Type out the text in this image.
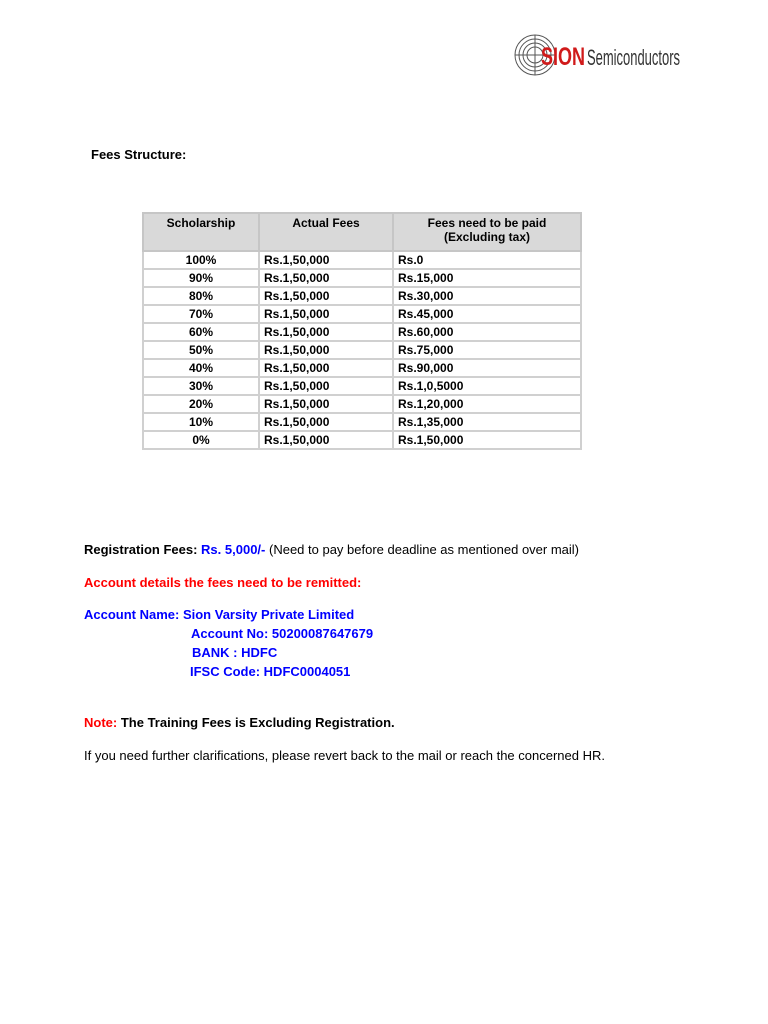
SION Semiconductors
Fees Structure:
Scholarship	Actual Fees	Fees need to be paid
(Excluding tax)
100%	Rs.1,50,000	Rs.0
90%	Rs.1,50,000	Rs.15,000
80%	Rs.1,50,000	Rs.30,000
70%	Rs.1,50,000	Rs.45,000
60%	Rs.1,50,000	Rs.60,000
50%	Rs.1,50,000	Rs.75,000
40%	Rs.1,50,000	Rs.90,000
30%	Rs.1,50,000	Rs.1,0,5000
20%	Rs.1,50,000	Rs.1,20,000
10%	Rs.1,50,000	Rs.1,35,000
0%	Rs.1,50,000	Rs.1,50,000
Registration Fees: Rs. 5,000/- (Need to pay before deadline as mentioned over mail)
Account details the fees need to be remitted:
Account Name: Sion Varsity Private Limited
Account No: 50200087647679
BANK : HDFC
IFSC Code: HDFC0004051
Note: The Training Fees is Excluding Registration.
If you need further clarifications, please revert back to the mail or reach the concerned HR.
